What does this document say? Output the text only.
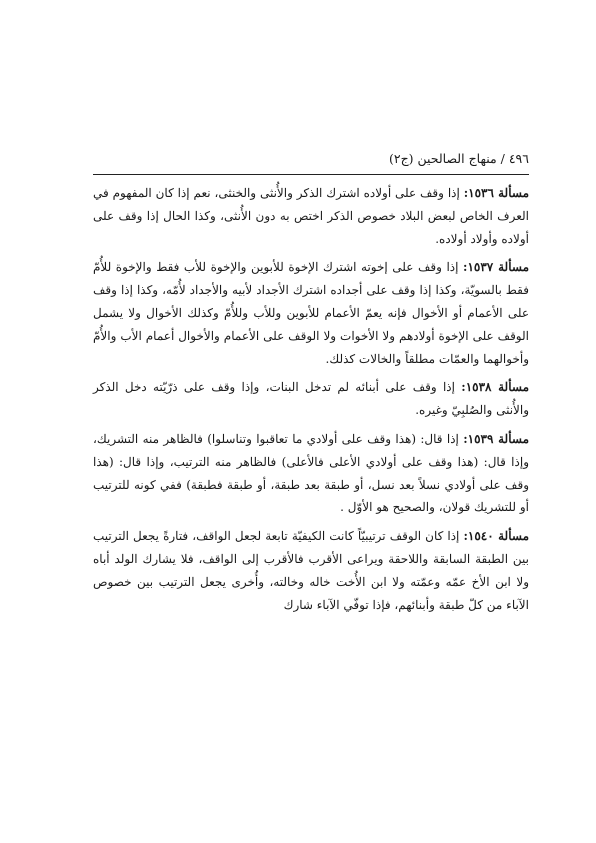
٤٩٦ / منهاج الصالحين (ج٢)

مسألة ١٥٣٦: إذا وقف على أولاده اشترك الذكر والأُنثى والخنثى، نعم إذا كان المفهوم في العرف الخاص لبعض البلاد خصوص الذكر اختص به دون الأُنثى، وكذا الحال إذا وقف على أولاده وأولاد أولاده.

مسألة ١٥٣٧: إذا وقف على إخوته اشترك الإخوة للأبوين والإخوة للأب فقط والإخوة للأُمّ فقط بالسويّة، وكذا إذا وقف على أجداده اشترك الأجداد لأبيه والأجداد لأُمّه، وكذا إذا وقف على الأعمام أو الأخوال فإنه يعمّ الأعمام للأبوين وللأب وللأُمّ وكذلك الأخوال ولا يشمل الوقف على الإخوة أولادهم ولا الأخوات ولا الوقف على الأعمام والأخوال أعمام الأب والأُمّ وأخوالهما والعمّات مطلقاً والخالات كذلك.

مسألة ١٥٣٨: إذا وقف على أبنائه لم تدخل البنات، وإذا وقف على ذرّيّته دخل الذكر والأُنثى والصُلبِيّ وغيره.

مسألة ١٥٣٩: إذا قال: (هذا وقف على أولادي ما تعاقبوا وتناسلوا) فالظاهر منه التشريك، وإذا قال: (هذا وقف على أولادي الأعلى فالأعلى) فالظاهر منه الترتيب، وإذا قال: (هذا وقف على أولادي نسلاً بعد نسل، أو طبقة بعد طبقة، أو طبقة فطبقة) ففي كونه للترتيب أو للتشريك قولان، والصحيح هو الأوّل .

مسألة ١٥٤٠: إذا كان الوقف ترتيبيّاً كانت الكيفيّة تابعة لجعل الواقف، فتارةً يجعل الترتيب بين الطبقة السابقة واللاحقة ويراعى الأقرب فالأقرب إلى الواقف، فلا يشارك الولد أباه ولا ابن الأخ عمّه وعمّته ولا ابن الأُخت خاله وخالته، وأُخرى يجعل الترتيب بين خصوص الآباء من كلّ طبقة وأبنائهم، فإذا توفّي الآباء شارك
